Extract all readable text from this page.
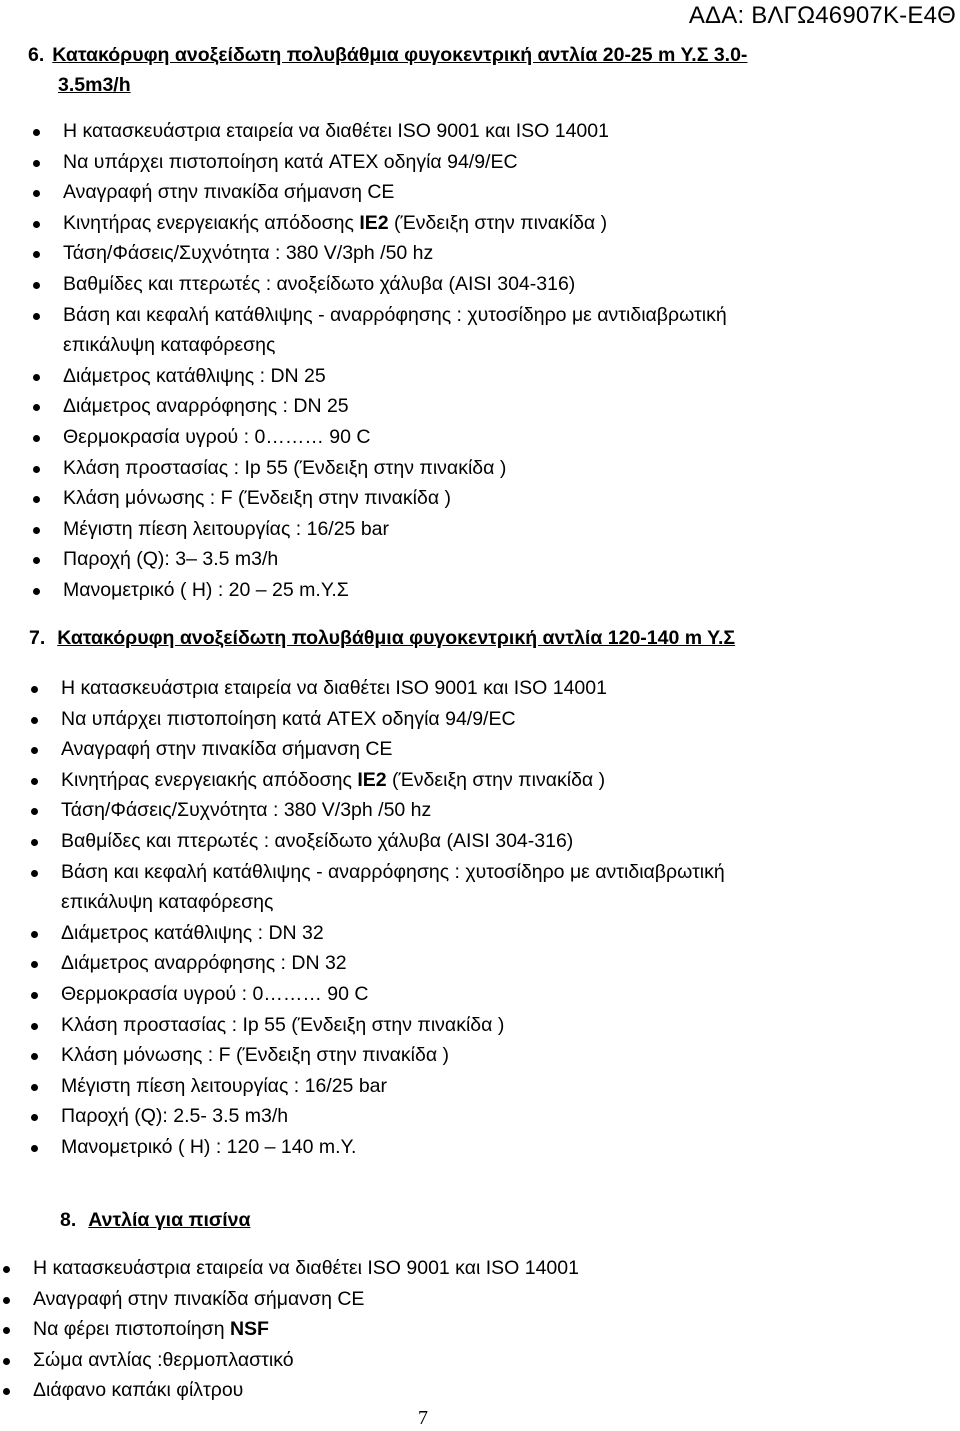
ΑΔΑ: ΒΛΓΩ46907Κ-Ε4Θ
6. Κατακόρυφη ανοξείδωτη πολυβάθμια φυγοκεντρική αντλία 20-25 m Y.Σ 3.0-
3.5m3/h
Η κατασκευάστρια εταιρεία να διαθέτει ISO 9001 και ISO 14001
Να υπάρχει πιστοποίηση κατά ATEX οδηγία 94/9/EC
Αναγραφή στην πινακίδα σήμανση CE
Κινητήρας ενεργειακής απόδοσης IE2 (Ένδειξη στην πινακίδα )
Τάση/Φάσεις/Συχνότητα : 380 V/3ph /50 hz
Βαθμίδες και πτερωτές : ανοξείδωτο χάλυβα (AISI 304-316)
Βάση και κεφαλή κατάθλιψης - αναρρόφησης : χυτοσίδηρο με αντιδιαβρωτική
επικάλυψη καταφόρεσης
Διάμετρος κατάθλιψης : DN 25
Διάμετρος αναρρόφησης : DN 25
Θερμοκρασία υγρού : 0……… 90 C
Κλάση προστασίας : Ip 55 (Ένδειξη στην πινακίδα )
Κλάση μόνωσης : F (Ένδειξη στην πινακίδα )
Μέγιστη πίεση λειτουργίας : 16/25 bar
Παροχή (Q): 3– 3.5 m3/h
Μανομετρικό ( H) : 20 – 25 m.Y.Σ
7. Κατακόρυφη ανοξείδωτη πολυβάθμια φυγοκεντρική αντλία 120-140 m Y.Σ
Η κατασκευάστρια εταιρεία να διαθέτει ISO 9001 και ISO 14001
Να υπάρχει πιστοποίηση κατά ATEX οδηγία 94/9/EC
Αναγραφή στην πινακίδα σήμανση CE
Κινητήρας ενεργειακής απόδοσης IE2 (Ένδειξη στην πινακίδα )
Τάση/Φάσεις/Συχνότητα : 380 V/3ph /50 hz
Βαθμίδες και πτερωτές : ανοξείδωτο χάλυβα (AISI 304-316)
Βάση και κεφαλή κατάθλιψης - αναρρόφησης : χυτοσίδηρο με αντιδιαβρωτική
επικάλυψη καταφόρεσης
Διάμετρος κατάθλιψης : DN 32
Διάμετρος αναρρόφησης : DN 32
Θερμοκρασία υγρού : 0……… 90 C
Κλάση προστασίας : Ip 55 (Ένδειξη στην πινακίδα )
Κλάση μόνωσης : F (Ένδειξη στην πινακίδα )
Μέγιστη πίεση λειτουργίας : 16/25 bar
Παροχή (Q): 2.5- 3.5 m3/h
Μανομετρικό ( H) : 120 – 140 m.Y.
8. Αντλία για πισίνα
Η κατασκευάστρια εταιρεία να διαθέτει ISO 9001 και ISO 14001
Αναγραφή στην πινακίδα σήμανση CE
Να φέρει πιστοποίηση NSF
Σώμα αντλίας :θερμοπλαστικό
Διάφανο καπάκι φίλτρου
7
